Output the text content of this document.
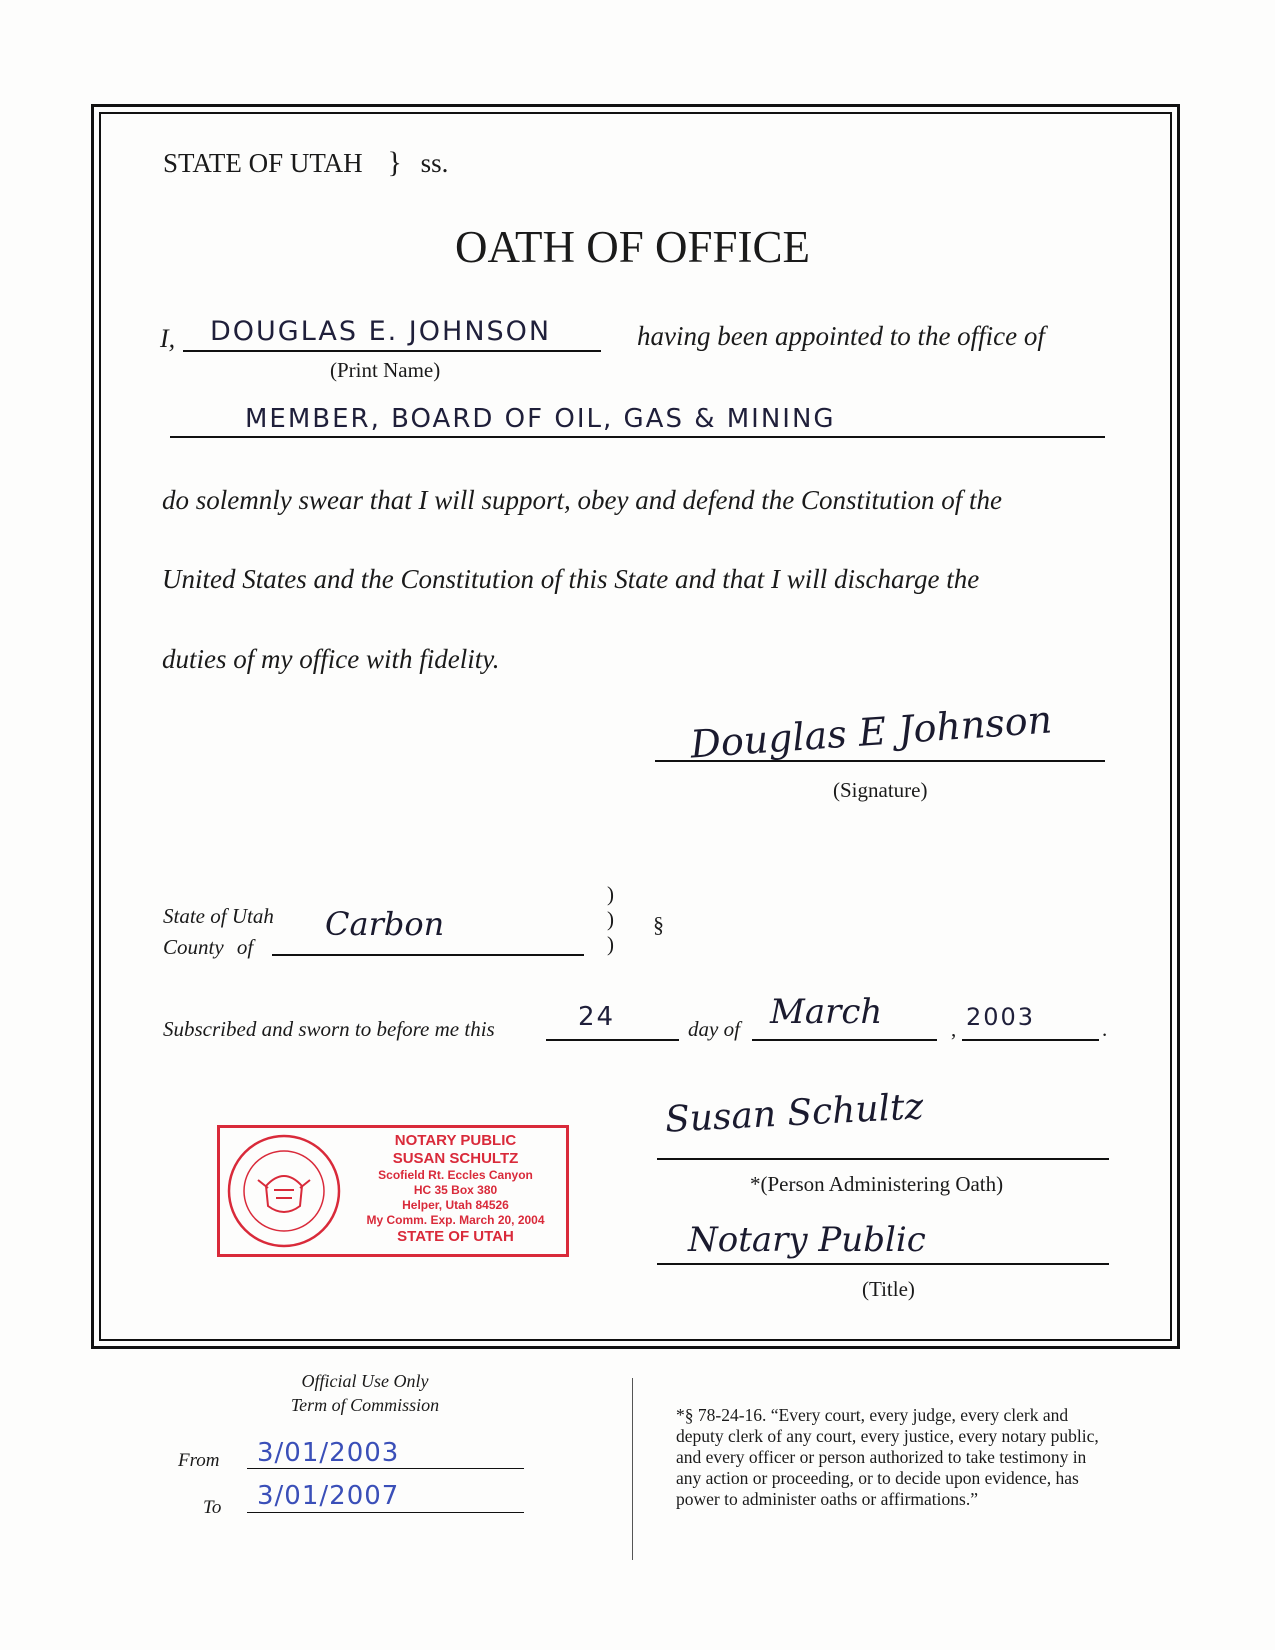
STATE OF UTAH } ss.
OATH OF OFFICE
I, DOUGLAS E. JOHNSON	having been appointed to the office of
(Print Name)
MEMBER, BOARD OF OIL, GAS & MINING
do solemnly swear that I will support, obey and defend the Constitution of the
United States and the Constitution of this State and that I will discharge the
duties of my office with fidelity.
Douglas E Johnson
(Signature)
State of Utah
County of
Carbon
)
)
)
§
Subscribed and sworn to before me this	24	day of March	, 2003	.
NOTARY PUBLIC
SUSAN SCHULTZ
Scofield Rt. Eccles Canyon
HC 35 Box 380
Helper, Utah 84526
My Comm. Exp. March 20, 2004
STATE OF UTAH
Susan Schultz
*(Person Administering Oath)
Notary Public
(Title)
Official Use Only
Term of Commission
From 3/01/2003
To 3/01/2007
*§ 78-24-16. “Every court, every judge, every clerk and
deputy clerk of any court, every justice, every notary public,
and every officer or person authorized to take testimony in
any action or proceeding, or to decide upon evidence, has
power to administer oaths or affirmations.”
